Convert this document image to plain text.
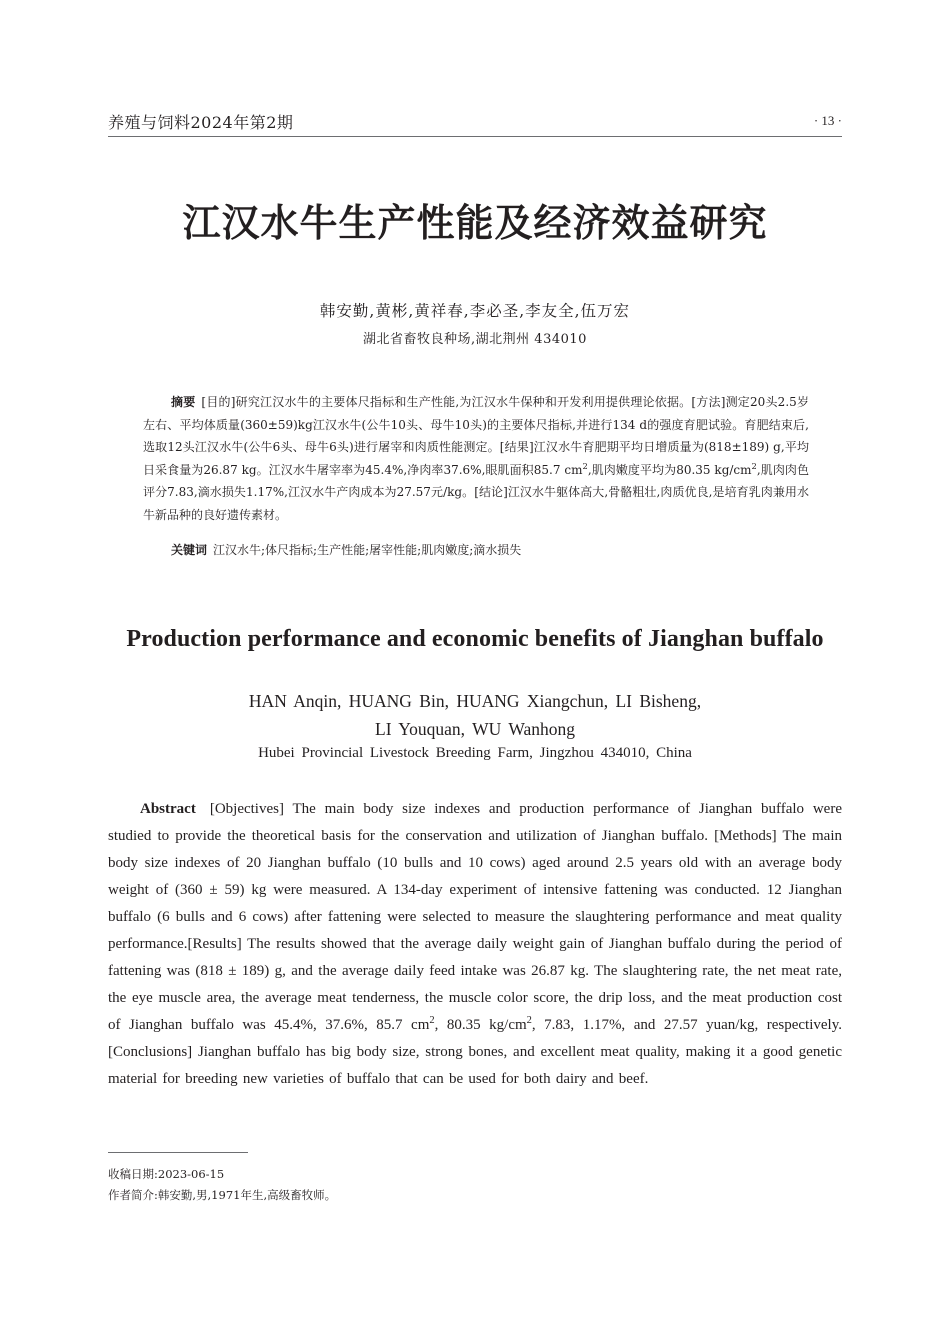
养殖与饲料2024年第2期	· 13 ·
江汉水牛生产性能及经济效益研究
韩安勤,黄彬,黄祥春,李必圣,李友全,伍万宏
湖北省畜牧良种场,湖北荆州 434010
摘要 [目的]研究江汉水牛的主要体尺指标和生产性能,为江汉水牛保种和开发利用提供理论依据。[方法]测定20头2.5岁左右、平均体质量(360±59)kg江汉水牛(公牛10头、母牛10头)的主要体尺指标,并进行134 d的强度育肥试验。育肥结束后,选取12头江汉水牛(公牛6头、母牛6头)进行屠宰和肉质性能测定。[结果]江汉水牛育肥期平均日增质量为(818±189) g,平均日采食量为26.87 kg。江汉水牛屠宰率为45.4%,净肉率37.6%,眼肌面积85.7 $cm^2$,肌肉嫩度平均为80.35 $kg/cm^2$,肌肉肉色评分7.83,滴水损失1.17%,江汉水牛产肉成本为27.57元/kg。[结论]江汉水牛躯体高大,骨骼粗壮,肉质优良,是培育乳肉兼用水牛新品种的良好遗传素材。
关键词 江汉水牛;体尺指标;生产性能;屠宰性能;肌肉嫩度;滴水损失
Production performance and economic benefits of Jianghan buffalo
HAN Anqin, HUANG Bin, HUANG Xiangchun, LI Bisheng,
LI Youquan, WU Wanhong
Hubei Provincial Livestock Breeding Farm, Jingzhou 434010, China
Abstract [Objectives] The main body size indexes and production performance of Jianghan buffalo were studied to provide the theoretical basis for the conservation and utilization of Jianghan buffalo. [Methods] The main body size indexes of 20 Jianghan buffalo (10 bulls and 10 cows) aged around 2.5 years old with an average body weight of (360 ± 59) kg were measured. A 134-day experiment of intensive fattening was conducted. 12 Jianghan buffalo (6 bulls and 6 cows) after fattening were selected to measure the slaughtering performance and meat quality performance.[Results] The results showed that the average daily weight gain of Jianghan buffalo during the period of fattening was (818 ± 189) g, and the average daily feed intake was 26.87 kg. The slaughtering rate, the net meat rate, the eye muscle area, the average meat tenderness, the muscle color score, the drip loss, and the meat production cost of Jianghan buffalo was 45.4%, 37.6%, 85.7 $cm^2$, 80.35 $kg/cm^2$, 7.83, 1.17%, and 27.57 yuan/kg, respectively.[Conclusions] Jianghan buffalo has big body size, strong bones, and excellent meat quality, making it a good genetic material for breeding new varieties of buffalo that can be used for both dairy and beef.
收稿日期:2023-06-15
作者简介:韩安勤,男,1971年生,高级畜牧师。
